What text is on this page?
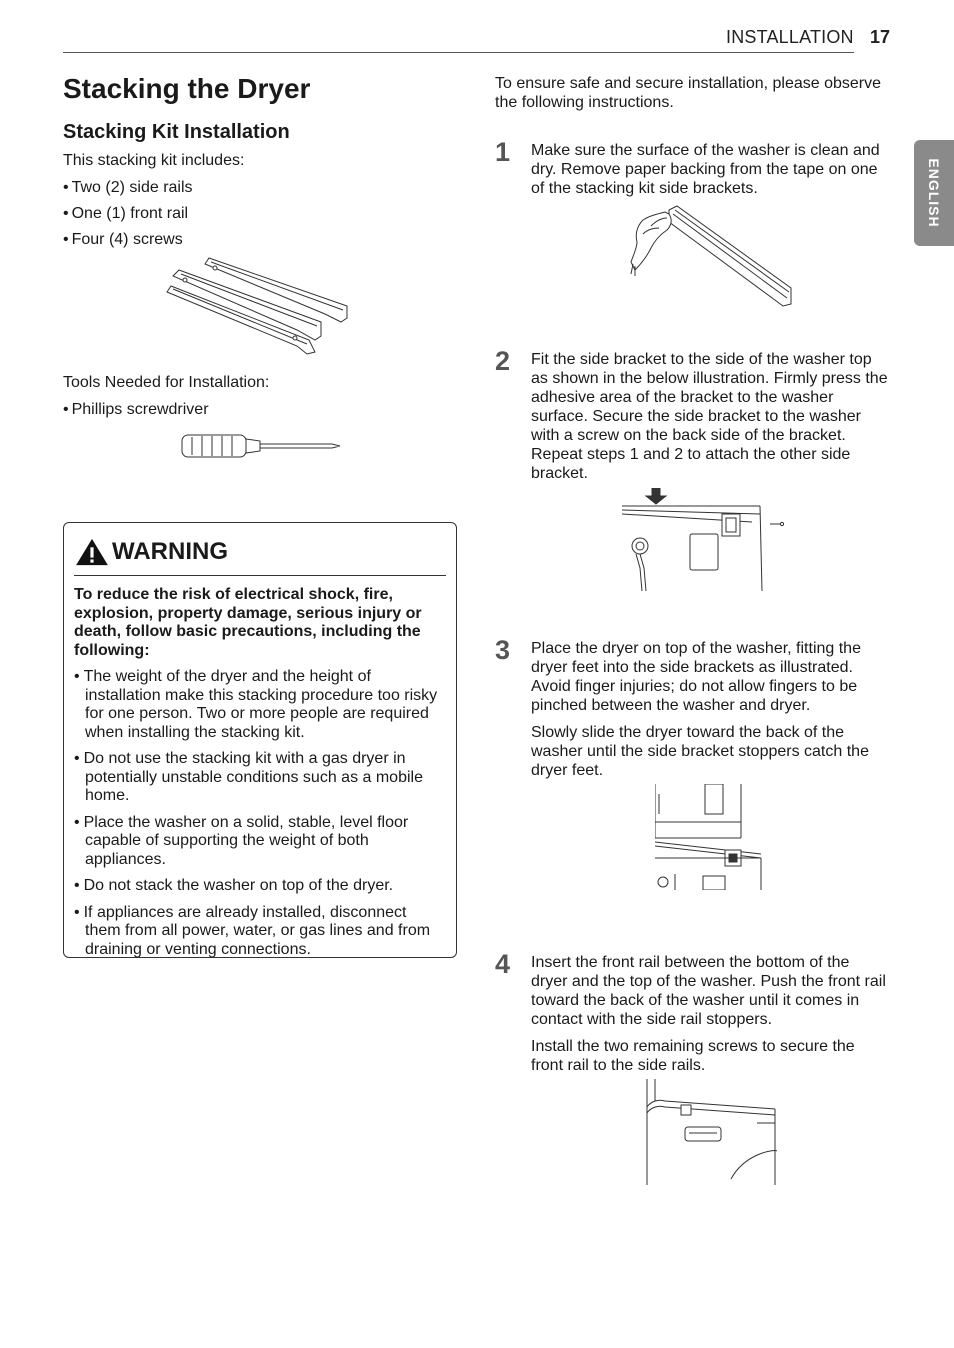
INSTALLATION 17
ENGLISH
Stacking the Dryer
Stacking Kit Installation

This stacking kit includes:

• Two (2) side rails
• One (1) front rail
• Four (4) screws

Tools Needed for Installation:

• Phillips screwdriver
WARNING

To reduce the risk of electrical shock, fire, explosion, property damage, serious injury or death, follow basic precautions, including the following:

• The weight of the dryer and the height of installation make this stacking procedure too risky for one person. Two or more people are required when installing the stacking kit.
• Do not use the stacking kit with a gas dryer in potentially unstable conditions such as a mobile home.
• Place the washer on a solid, stable, level floor capable of supporting the weight of both appliances.
• Do not stack the washer on top of the dryer.
• If appliances are already installed, disconnect them from all power, water, or gas lines and from draining or venting connections.

To ensure safe and secure installation, please observe the following instructions.

1 Make sure the surface of the washer is clean and dry. Remove paper backing from the tape on one of the stacking kit side brackets.

2 Fit the side bracket to the side of the washer top as shown in the below illustration. Firmly press the adhesive area of the bracket to the washer surface. Secure the side bracket to the washer with a screw on the back side of the bracket. Repeat steps 1 and 2 to attach the other side bracket.

3 Place the dryer on top of the washer, fitting the dryer feet into the side brackets as illustrated. Avoid finger injuries; do not allow fingers to be pinched between the washer and dryer.

Slowly slide the dryer toward the back of the washer until the side bracket stoppers catch the dryer feet.

4 Insert the front rail between the bottom of the dryer and the top of the washer. Push the front rail toward the back of the washer until it comes in contact with the side rail stoppers.

Install the two remaining screws to secure the front rail to the side rails.
